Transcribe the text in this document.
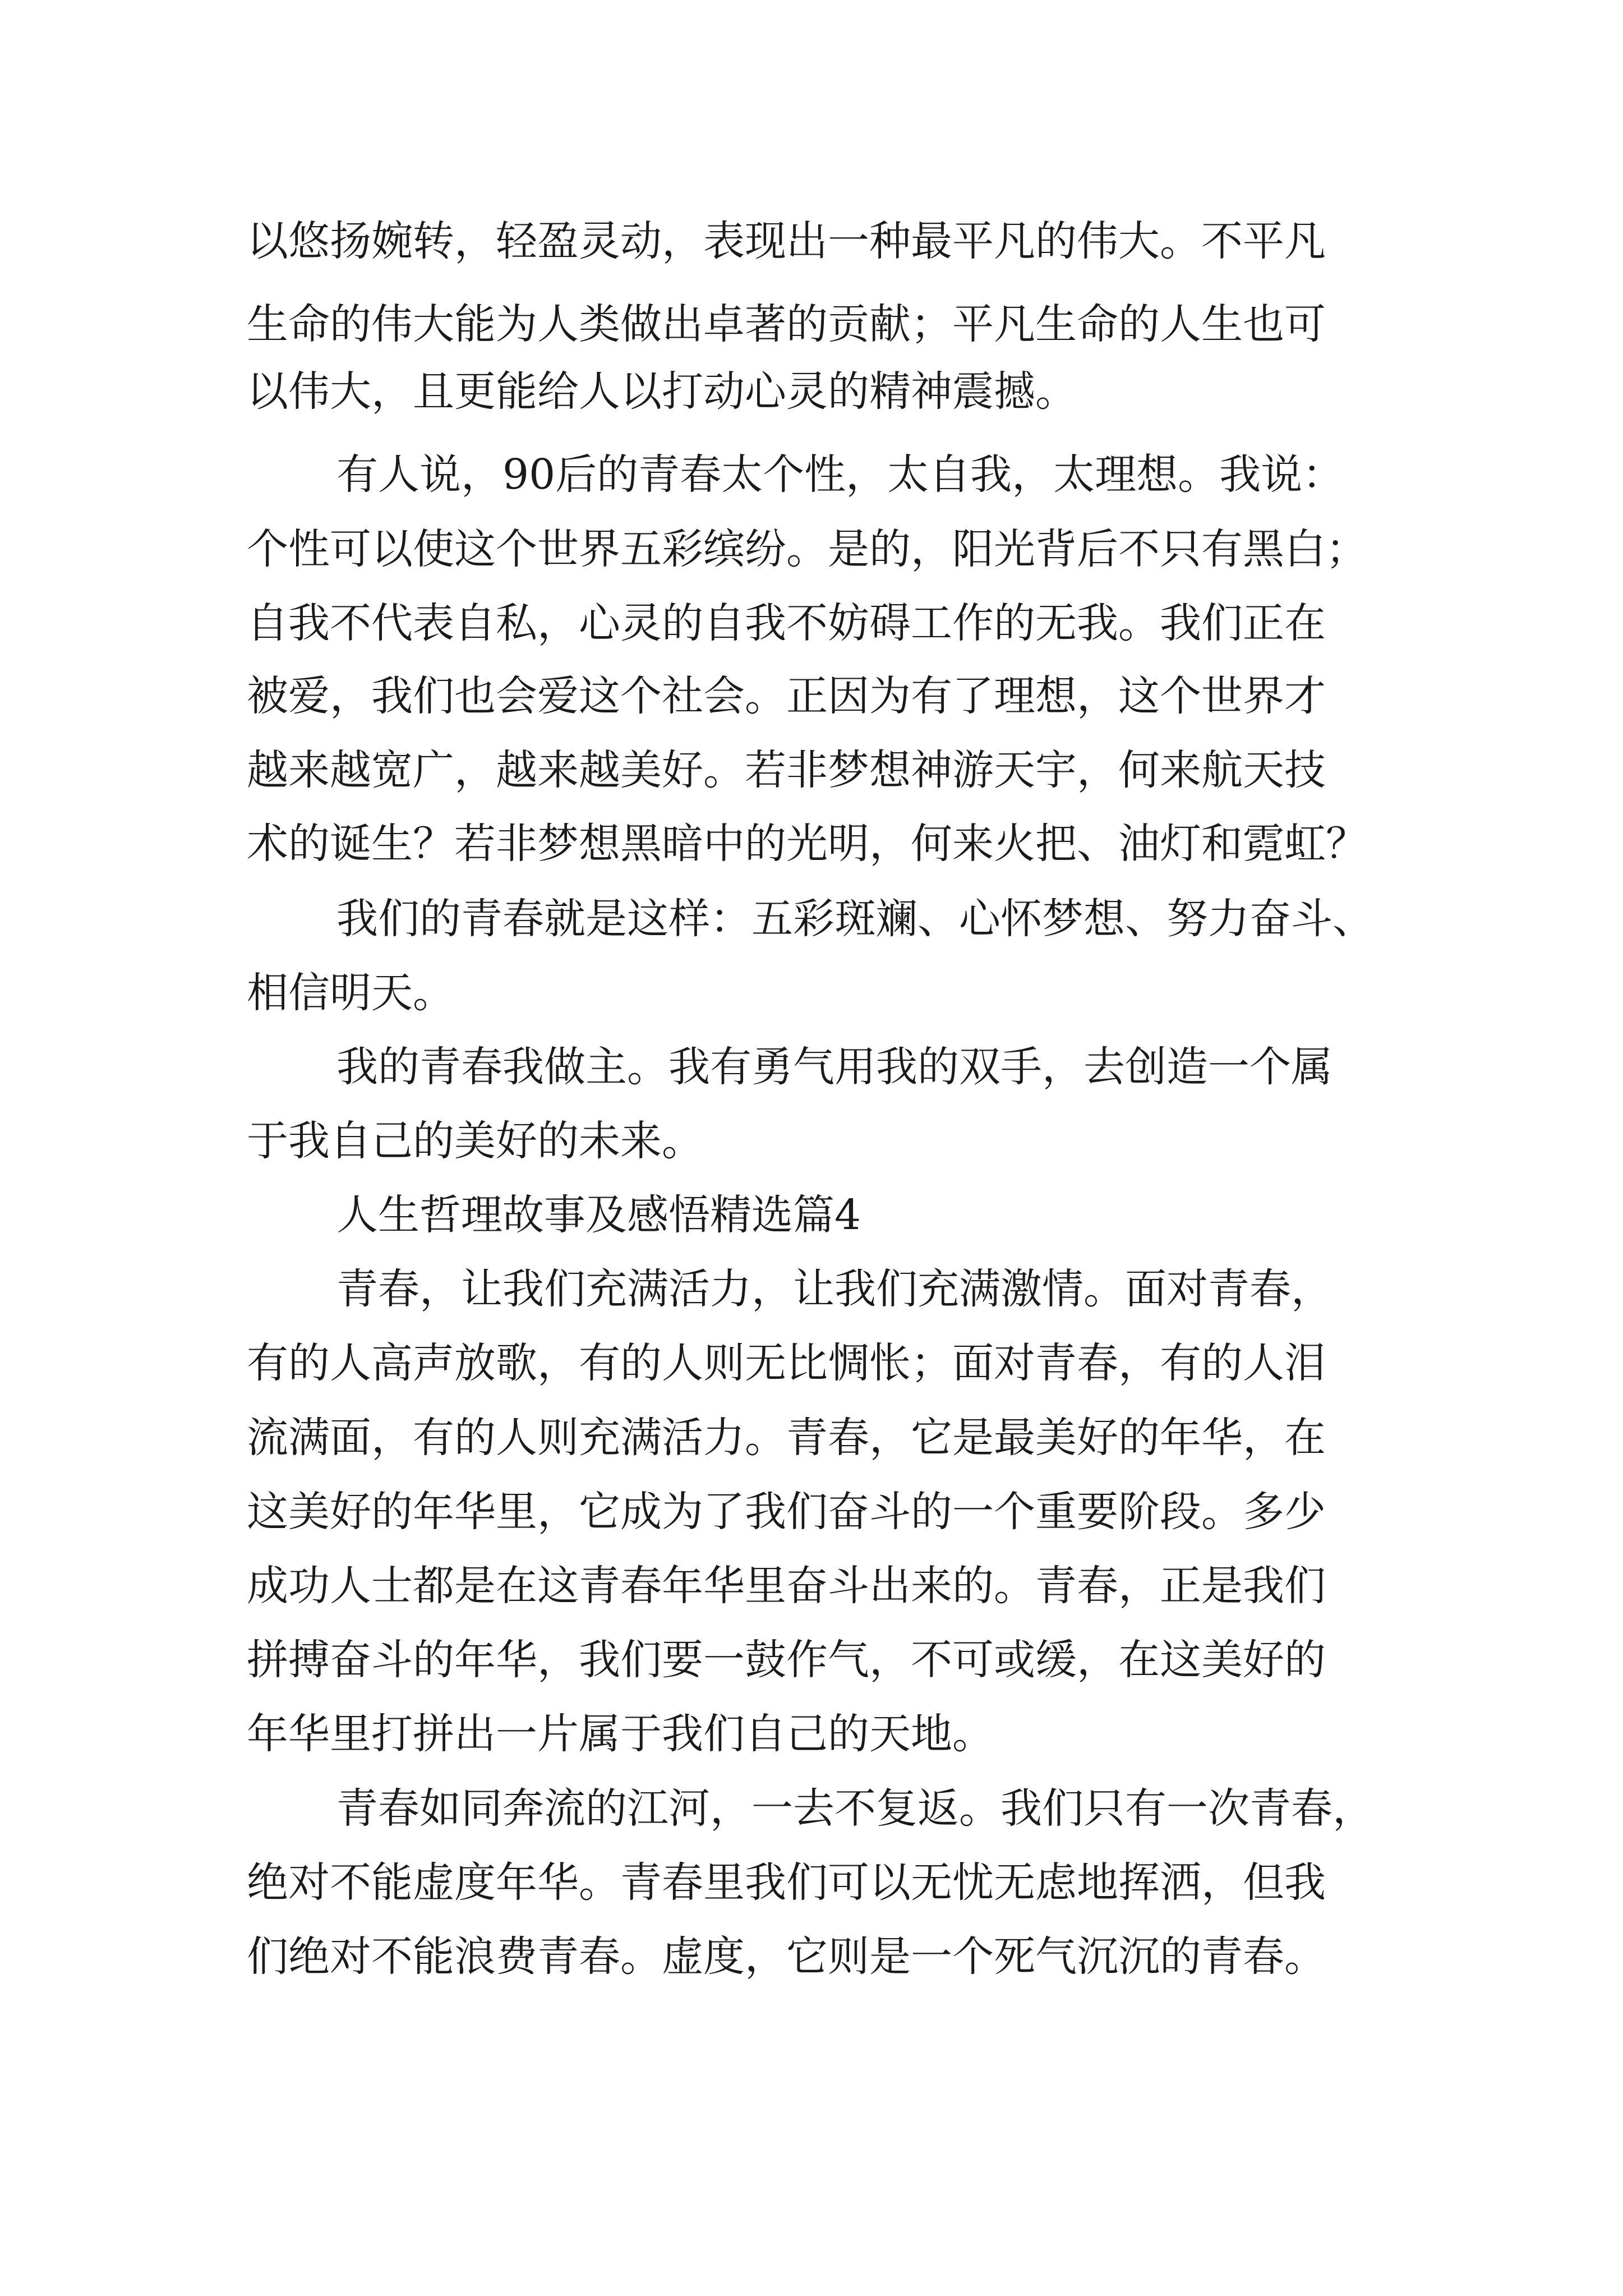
以悠扬婉转，轻盈灵动，表现出一种最平凡的伟大。不平凡

生命的伟大能为人类做出卓著的贡献；平凡生命的人生也可

以伟大，且更能给人以打动心灵的精神震撼。

有人说，90后的青春太个性，太自我，太理想。我说：

个性可以使这个世界五彩缤纷。是的，阳光背后不只有黑白；

自我不代表自私，心灵的自我不妨碍工作的无我。我们正在

被爱，我们也会爱这个社会。正因为有了理想，这个世界才

越来越宽广，越来越美好。若非梦想神游天宇，何来航天技

术的诞生？若非梦想黑暗中的光明，何来火把、油灯和霓虹？

我们的青春就是这样：五彩斑斓、心怀梦想、努力奋斗、

相信明天。

我的青春我做主。我有勇气用我的双手，去创造一个属

于我自己的美好的未来。

人生哲理故事及感悟精选篇4

青春，让我们充满活力，让我们充满激情。面对青春，

有的人高声放歌，有的人则无比惆怅；面对青春，有的人泪

流满面，有的人则充满活力。青春，它是最美好的年华，在

这美好的年华里，它成为了我们奋斗的一个重要阶段。多少

成功人士都是在这青春年华里奋斗出来的。青春，正是我们

拼搏奋斗的年华，我们要一鼓作气，不可或缓，在这美好的

年华里打拼出一片属于我们自己的天地。

青春如同奔流的江河，一去不复返。我们只有一次青春，

绝对不能虚度年华。青春里我们可以无忧无虑地挥洒，但我

们绝对不能浪费青春。虚度，它则是一个死气沉沉的青春。
